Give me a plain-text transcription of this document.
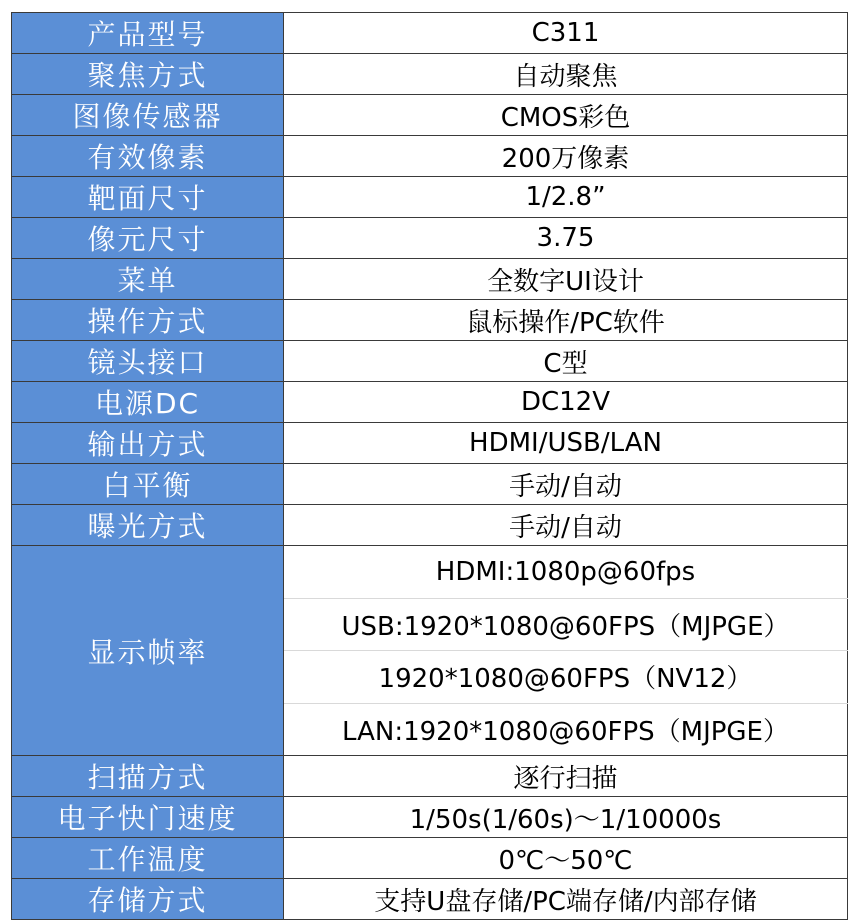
产品型号	C311
聚焦方式	自动聚焦
图像传感器	CMOS彩色
有效像素	200万像素
靶面尺寸	1/2.8”
像元尺寸	3.75
菜单	全数字UI设计
操作方式	鼠标操作/PC软件
镜头接口	C型
电源DC	DC12V
输出方式	HDMI/USB/LAN
白平衡	手动/自动
曝光方式	手动/自动
显示帧率	HDMI:1080p@60fps
	USB:1920*1080@60FPS（MJPGE）
	1920*1080@60FPS（NV12）
	LAN:1920*1080@60FPS（MJPGE）
扫描方式	逐行扫描
电子快门速度	1/50s(1/60s)～1/10000s
工作温度	0℃～50℃
存储方式	支持U盘存储/PC端存储/内部存储
